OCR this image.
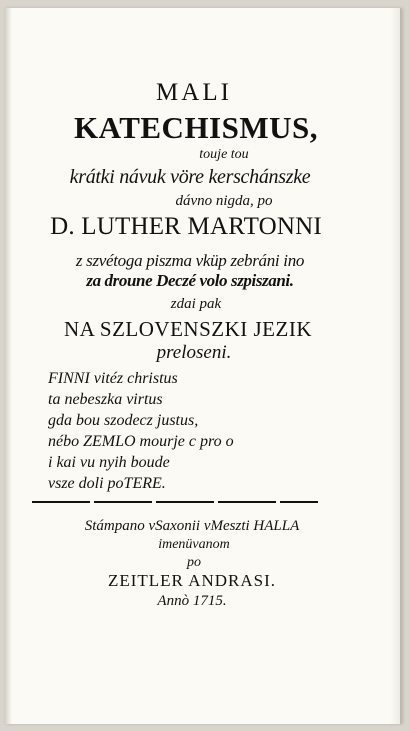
MALI
KATECHISMUS,
touje tou
krátki návuk vöre kerschánszke
dávno nigda, po
D. LUTHER MARTONNI
z szvétoga piszma vküp zebráni ino
za droune Deczé volo szpiszani.
zdai pak
NA SZLOVENSZKI JEZIK
preloseni.
FINNI vitéz christus
ta nebeszka virtus
gda bou szodecz justus,
nébo ZEMLO mourje c pro o
i kai vu nyih boude
vsze doli poTERE.
Stámpano vSaxonii vMeszti HALLA
imenüvanom
po
ZEITLER ANDRASI.
Annò 1715.
